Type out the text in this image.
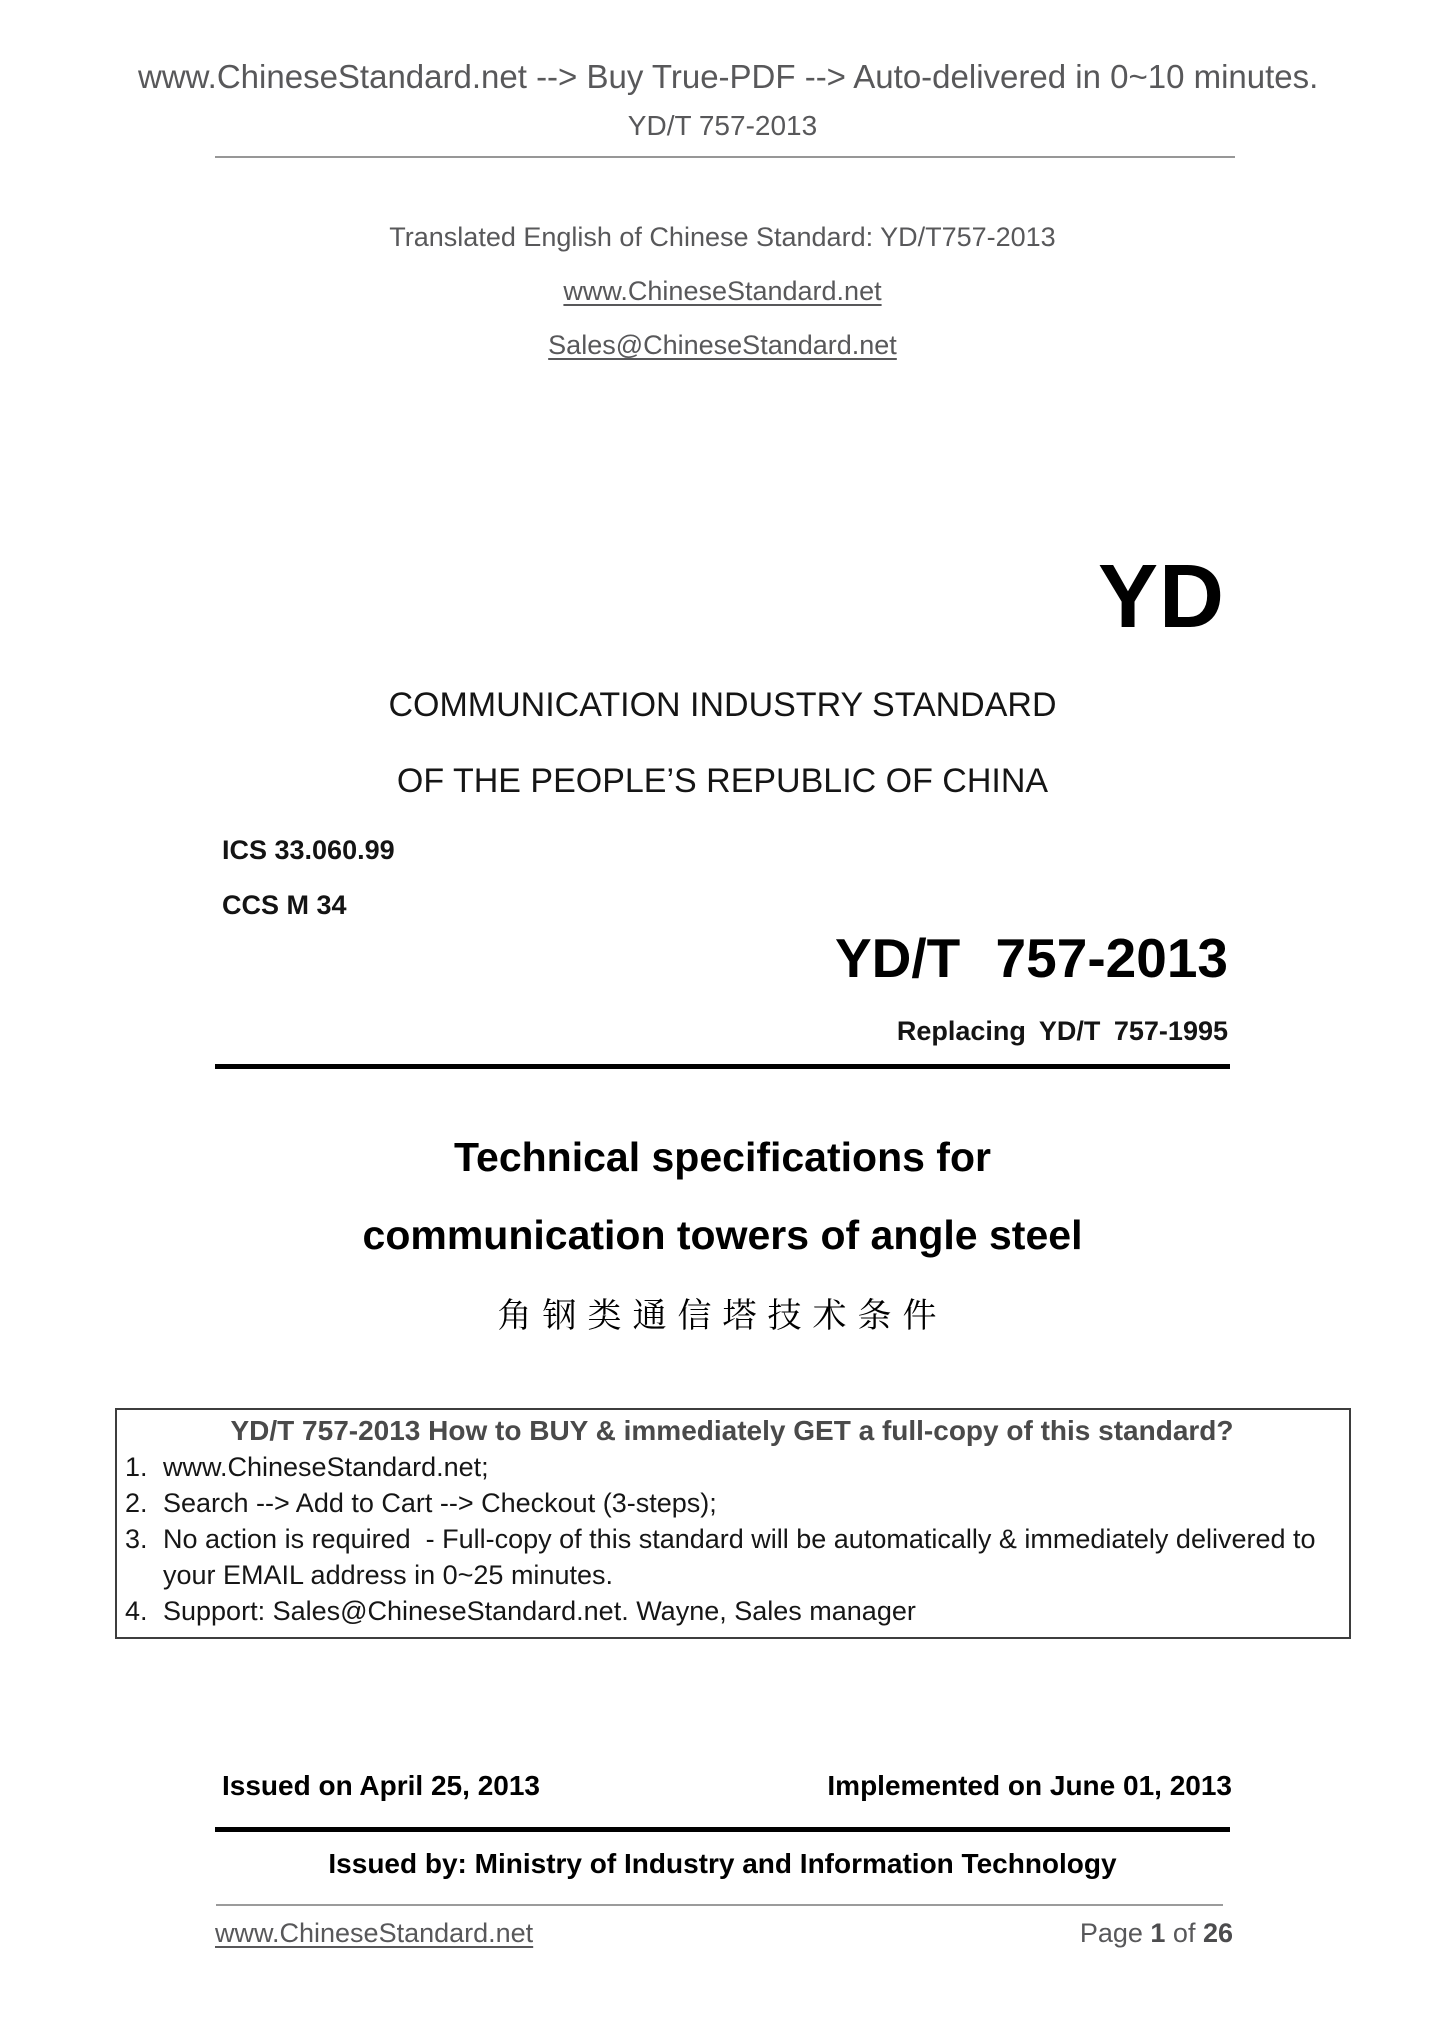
www.ChineseStandard.net --> Buy True-PDF --> Auto-delivered in 0~10 minutes.
YD/T 757-2013
Translated English of Chinese Standard: YD/T757-2013
www.ChineseStandard.net
Sales@ChineseStandard.net
YD
COMMUNICATION INDUSTRY STANDARD
OF THE PEOPLE’S REPUBLIC OF CHINA
ICS 33.060.99
CCS M 34
YD/T 757-2013
Replacing YD/T 757-1995
Technical specifications for
communication towers of angle steel
角钢类通信塔技术条件
YD/T 757-2013 How to BUY & immediately GET a full-copy of this standard?
1. www.ChineseStandard.net;
2. Search --> Add to Cart --> Checkout (3-steps);
3. No action is required  - Full-copy of this standard will be automatically & immediately delivered to your EMAIL address in 0~25 minutes.
4. Support: Sales@ChineseStandard.net. Wayne, Sales manager
Issued on April 25, 2013	Implemented on June 01, 2013
Issued by: Ministry of Industry and Information Technology
www.ChineseStandard.net	Page 1 of 26
